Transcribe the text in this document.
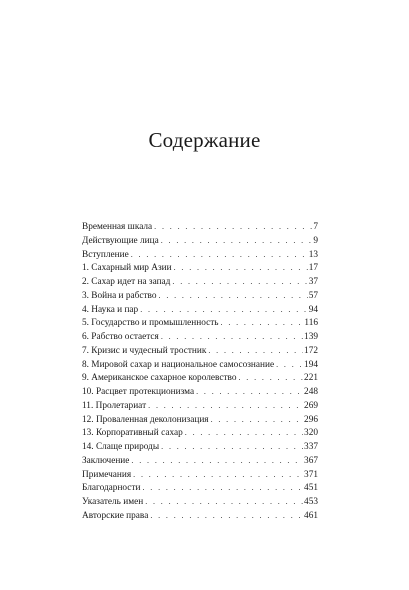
Содержание
Временная шкала . . .	7
Действующие лица . . .	9
Вступление . . .	13
1. Сахарный мир Азии . . .	17
2. Сахар идет на запад . . .	37
3. Война и рабство . . .	57
4. Наука и пар . . .	94
5. Государство и промышленность . . .	116
6. Рабство остается . . .	139
7. Кризис и чудесный тростник . . .	172
8. Мировой сахар и национальное самосознание . . .	194
9. Американское сахарное королевство . . .	221
10. Расцвет протекционизма . . .	248
11. Пролетариат . . .	269
12. Проваленная деколонизация . . .	296
13. Корпоративный сахар . . .	320
14. Слаще природы . . .	337
Заключение . . .	367
Примечания . . .	371
Благодарности . . .	451
Указатель имен . . .	453
Авторские права . . .	461
